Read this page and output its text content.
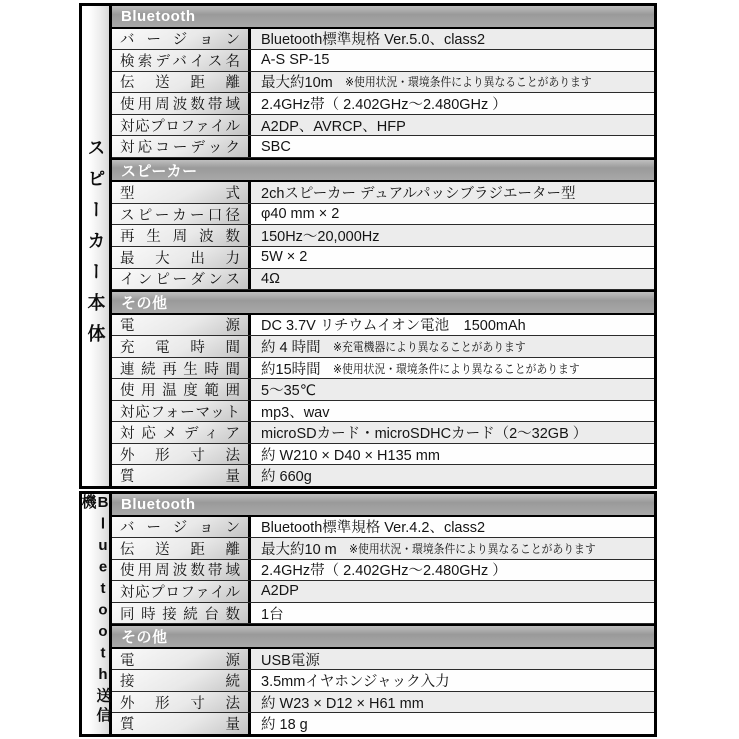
スピーカー本体
Bluetooth
バージョン Bluetooth標準規格 Ver.5.0、class2
検索デバイス名 A-S SP-15
伝送距離 最大約10m ※使用状況・環境条件により異なることがあります
使用周波数帯域 2.4GHz帯（ 2.402GHz〜2.480GHz ）
対応プロファイル A2DP、AVRCP、HFP
対応コーデック SBC
スピーカー
型式 2chスピーカー デュアルパッシブラジエーター型
スピーカー口径 φ40 mm × 2
再生周波数 150Hz〜20,000Hz
最大出力 5W × 2
インピーダンス 4Ω
その他
電源 DC 3.7V リチウムイオン電池　1500mAh
充電時間 約 4 時間 ※充電機器により異なることがあります
連続再生時間 約15時間 ※使用状況・環境条件により異なることがあります
使用温度範囲 5〜35℃
対応フォーマット mp3、wav
対応メディア microSDカード・microSDHCカード（2〜32GB ）
外形寸法 約 W210 × D40 × H135 mm
質量 約 660g
Bluetooth送信機	Bluetooth
バージョン Bluetooth標準規格 Ver.4.2、class2
伝送距離 最大約10 m ※使用状況・環境条件により異なることがあります
使用周波数帯域 2.4GHz帯（ 2.402GHz〜2.480GHz ）
対応プロファイル A2DP
同時接続台数 1台
その他
電源 USB電源
接続 3.5mmイヤホンジャック入力
外形寸法 約 W23 × D12 × H61 mm
質量 約 18 g
